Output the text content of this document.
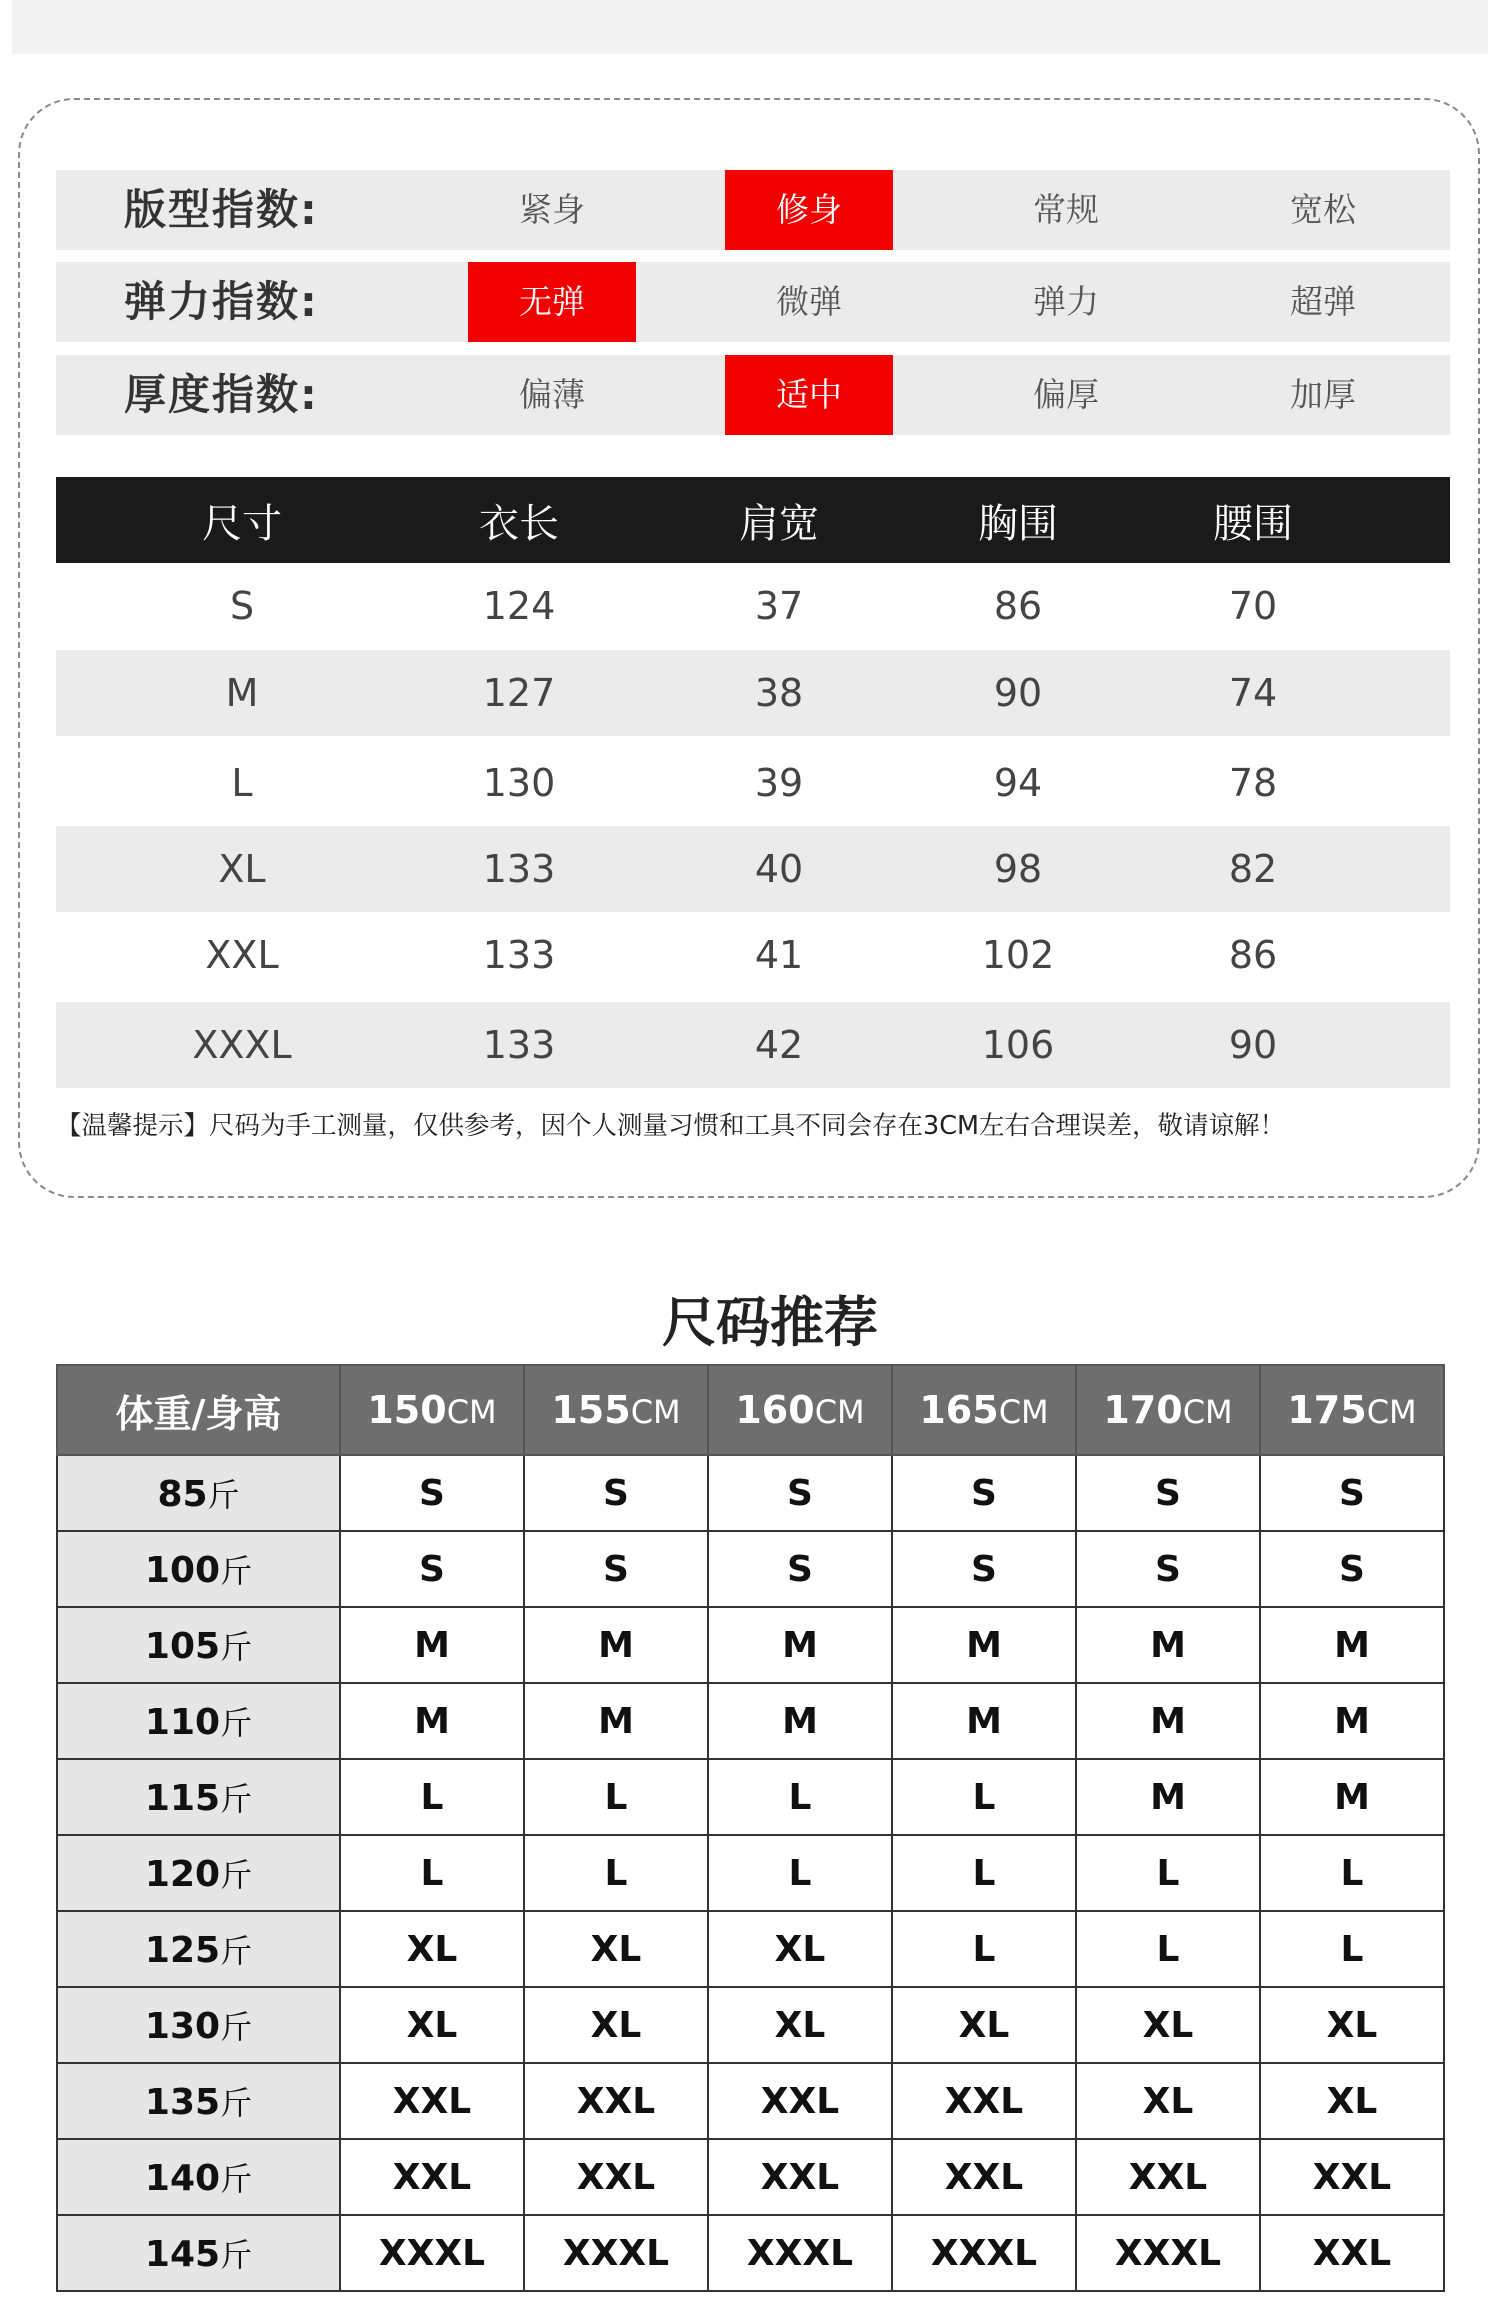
版型指数:	紧身	修身	常规	宽松
弹力指数:	无弹	微弹	弹力	超弹
厚度指数:	偏薄	适中	偏厚	加厚
尺寸	衣长	肩宽	胸围	腰围
S	124	37	86	70
M	127	38	90	74
L	130	39	94	78
XL	133	40	98	82
XXL	133	41	102	86
XXXL	133	42	106	90
【温馨提示】尺码为手工测量，仅供参考，因个人测量习惯和工具不同会存在3CM左右合理误差，敬请谅解！
尺码推荐
体重/身高	150CM	155CM	160CM	165CM	170CM	175CM
85斤	S	S	S	S	S	S
100斤	S	S	S	S	S	S
105斤	M	M	M	M	M	M
110斤	M	M	M	M	M	M
115斤	L	L	L	L	M	M
120斤	L	L	L	L	L	L
125斤	XL	XL	XL	L	L	L
130斤	XL	XL	XL	XL	XL	XL
135斤	XXL	XXL	XXL	XXL	XL	XL
140斤	XXL	XXL	XXL	XXL	XXL	XXL
145斤	XXXL	XXXL	XXXL	XXXL	XXXL	XXL
